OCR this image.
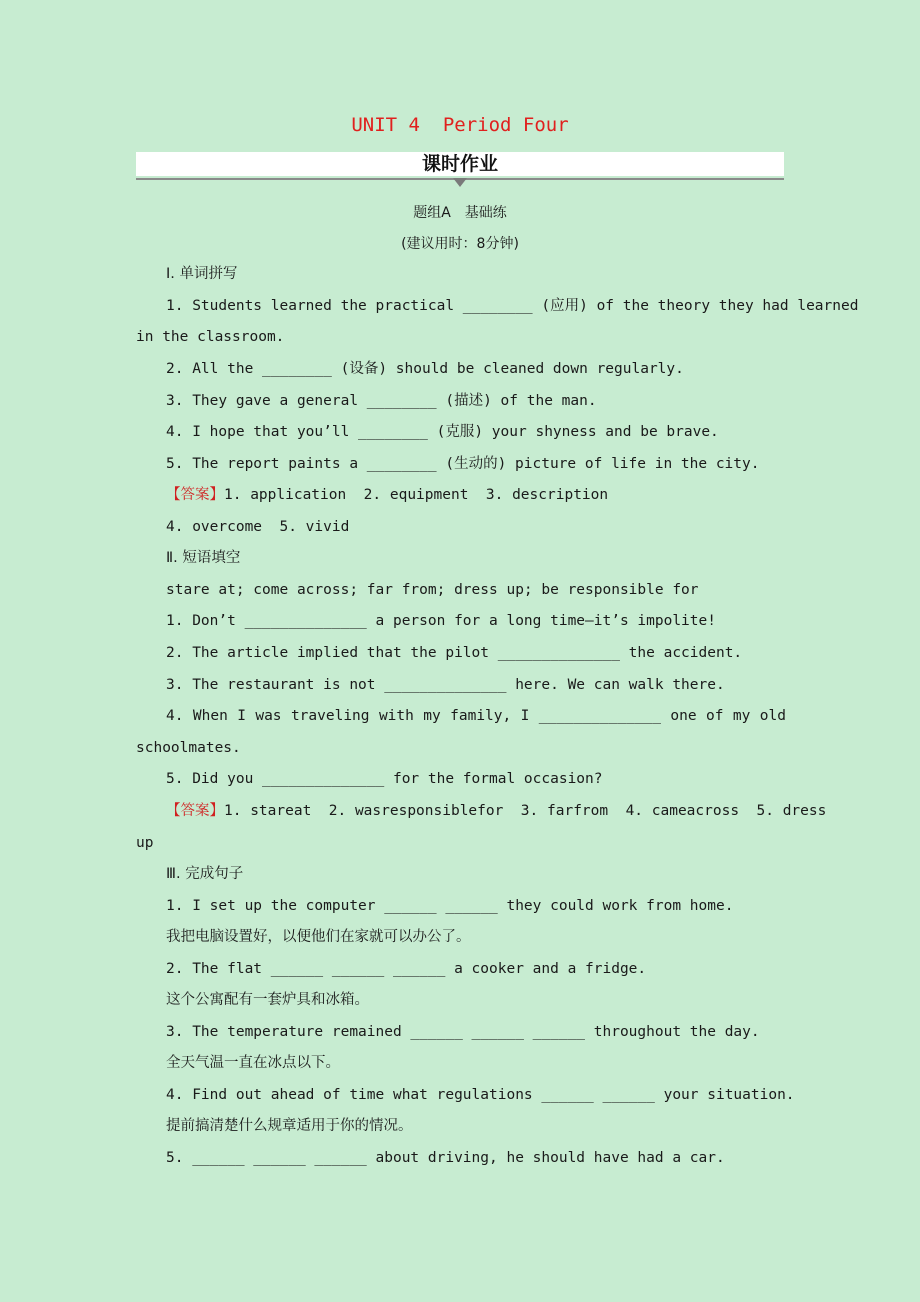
UNIT 4  Period Four
课时作业
题组A　基础练
(建议用时：8分钟)
Ⅰ. 单词拼写
1. Students learned the practical ________ (应用) of the theory they had learned
in the classroom.
2. All the ________ (设备) should be cleaned down regularly.
3. They gave a general ________ (描述) of the man.
4. I hope that you’ll ________ (克服) your shyness and be brave.
5. The report paints a ________ (生动的) picture of life in the city.
【答案】1. application  2. equipment  3. description
4. overcome  5. vivid
Ⅱ. 短语填空
stare at; come across; far from; dress up; be responsible for
1. Don’t ______________ a person for a long time—it’s impolite!
2. The article implied that the pilot ______________ the accident.
3. The restaurant is not ______________ here. We can walk there.
4. When I was traveling with my family, I ______________ one of my old
schoolmates.
5. Did you ______________ for the formal occasion?
【答案】1. stareat  2. wasresponsiblefor  3. farfrom  4. cameacross  5. dress
up
Ⅲ. 完成句子
1. I set up the computer ______ ______ they could work from home.
我把电脑设置好，以便他们在家就可以办公了。
2. The flat ______ ______ ______ a cooker and a fridge.
这个公寓配有一套炉具和冰箱。
3. The temperature remained ______ ______ ______ throughout the day.
全天气温一直在冰点以下。
4. Find out ahead of time what regulations ______ ______ your situation.
提前搞清楚什么规章适用于你的情况。
5. ______ ______ ______ about driving, he should have had a car.
